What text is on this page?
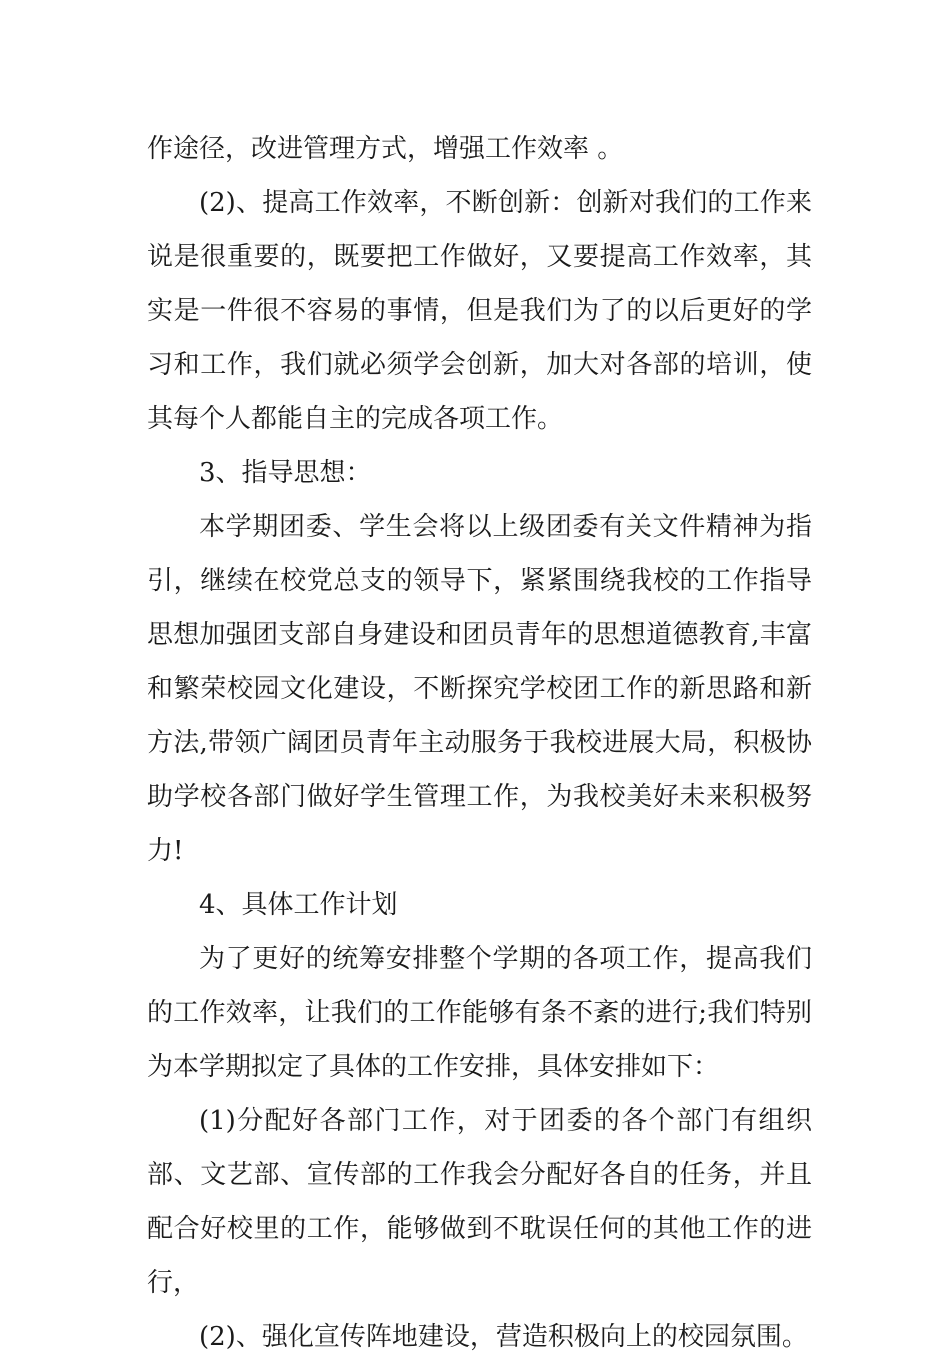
作途径，改进管理方式，增强工作效率 。

(2)、提高工作效率，不断创新：创新对我们的工作来说是很重要的，既要把工作做好，又要提高工作效率，其实是一件很不容易的事情，但是我们为了的以后更好的学习和工作，我们就必须学会创新，加大对各部的培训，使其每个人都能自主的完成各项工作。

3、指导思想：

本学期团委、学生会将以上级团委有关文件精神为指引，继续在校党总支的领导下，紧紧围绕我校的工作指导思想加强团支部自身建设和团员青年的思想道德教育,丰富和繁荣校园文化建设，不断探究学校团工作的新思路和新方法,带领广阔团员青年主动服务于我校进展大局，积极协助学校各部门做好学生管理工作，为我校美好未来积极努力!

4、具体工作计划

为了更好的统筹安排整个学期的各项工作，提高我们的工作效率，让我们的工作能够有条不紊的进行;我们特别为本学期拟定了具体的工作安排，具体安排如下：

(1)分配好各部门工作，对于团委的各个部门有组织部、文艺部、宣传部的工作我会分配好各自的任务，并且配合好校里的工作，能够做到不耽误任何的其他工作的进行，

(2)、强化宣传阵地建设，营造积极向上的校园氛围。
